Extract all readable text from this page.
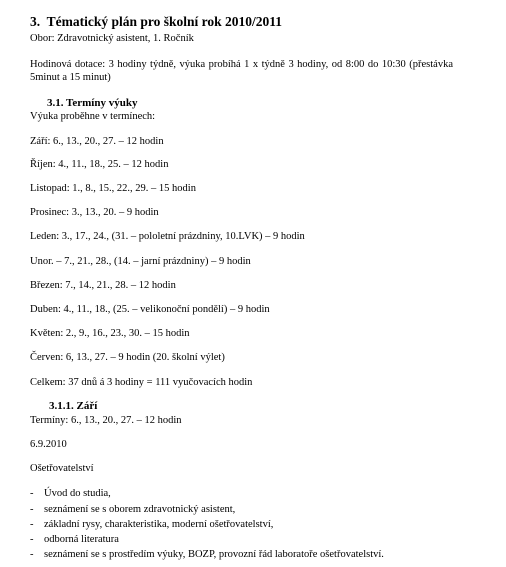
3. Tématický plán pro školní rok 2010/2011
Obor: Zdravotnický asistent, 1. Ročník
Hodinová dotace: 3 hodiny týdně, výuka probíhá 1 x týdně 3 hodiny, od 8:00 do 10:30 (přestávka 5minut a 15 minut)
3.1. Termíny výuky
Výuka proběhne v termínech:
Září: 6., 13., 20., 27. – 12 hodin
Říjen: 4., 11., 18., 25. – 12 hodin
Listopad: 1., 8., 15., 22., 29. – 15 hodin
Prosinec: 3., 13., 20. – 9 hodin
Leden: 3., 17., 24., (31. – pololetní prázdniny, 10.LVK) – 9 hodin
Unor. – 7., 21., 28., (14. – jarní prázdniny) – 9 hodin
Březen: 7., 14., 21., 28. – 12 hodin
Duben: 4., 11., 18., (25. – velikonoční pondělí) – 9 hodin
Květen: 2., 9., 16., 23., 30. – 15 hodin
Červen: 6, 13., 27. – 9 hodin (20. školní výlet)
Celkem: 37 dnů á 3 hodiny = 111 vyučovacích hodin
3.1.1. Září
Termíny: 6., 13., 20., 27. – 12 hodin
6.9.2010
Ošetřovatelství
- Úvod do studia,
- seznámení se s oborem zdravotnický asistent,
- základní rysy, charakteristika, moderní ošetřovatelství,
- odborná literatura
- seznámení se s prostředím výuky, BOZP, provozní řád laboratoře ošetřovatelství.
